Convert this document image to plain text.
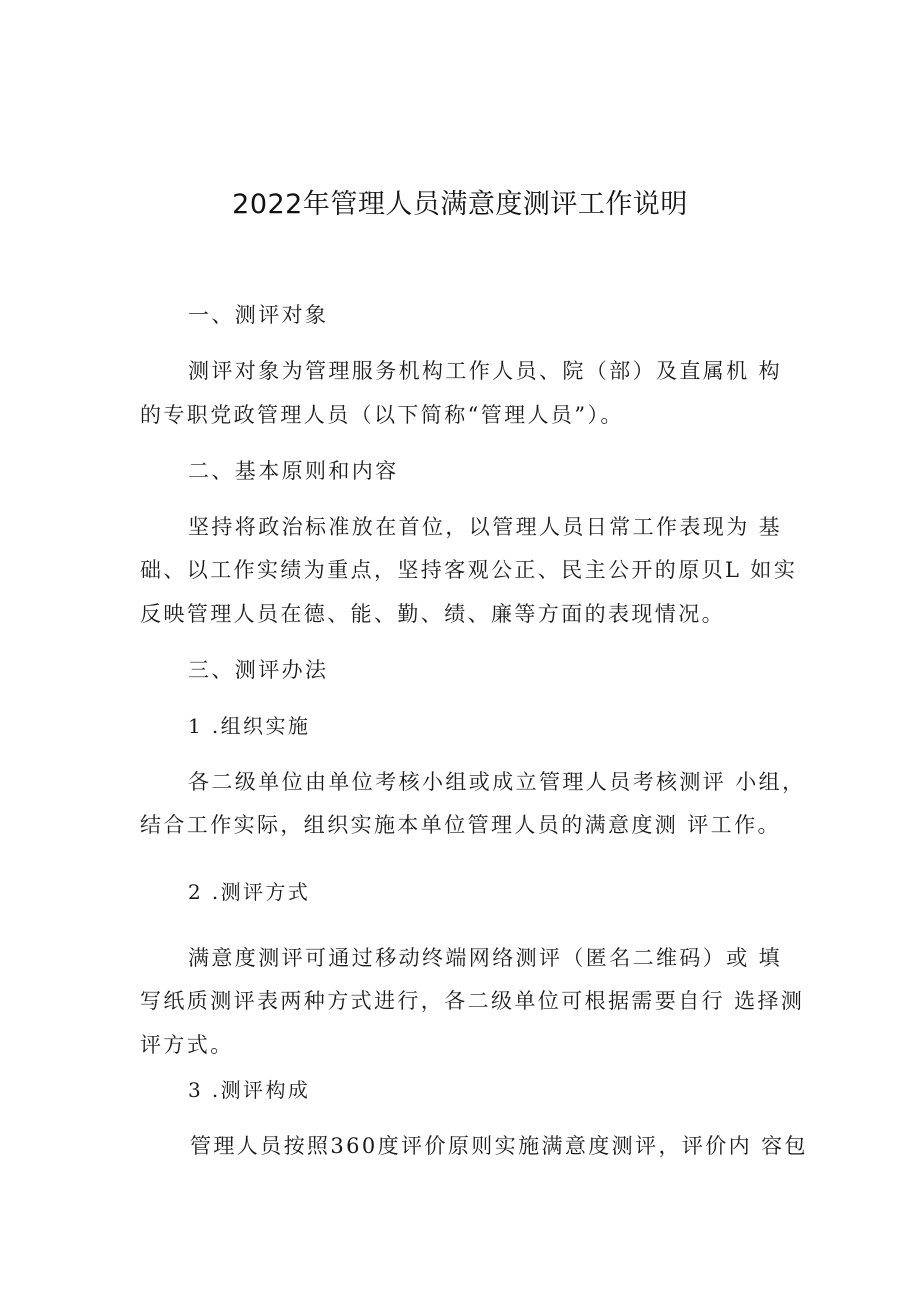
2022年管理人员满意度测评工作说明
一、测评对象
测评对象为管理服务机构工作人员、院（部）及直属机 构
的专职党政管理人员（以下简称“管理人员”）。
二、基本原则和内容
坚持将政治标准放在首位，以管理人员日常工作表现为 基
础、以工作实绩为重点，坚持客观公正、民主公开的原贝L 如实
反映管理人员在德、能、勤、绩、廉等方面的表现情况。
三、测评办法
1 .组织实施
各二级单位由单位考核小组或成立管理人员考核测评 小组，
结合工作实际，组织实施本单位管理人员的满意度测 评工作。
2 .测评方式
满意度测评可通过移动终端网络测评（匿名二维码）或 填
写纸质测评表两种方式进行，各二级单位可根据需要自行 选择测
评方式。
3 .测评构成
管理人员按照360度评价原则实施满意度测评，评价内 容包
